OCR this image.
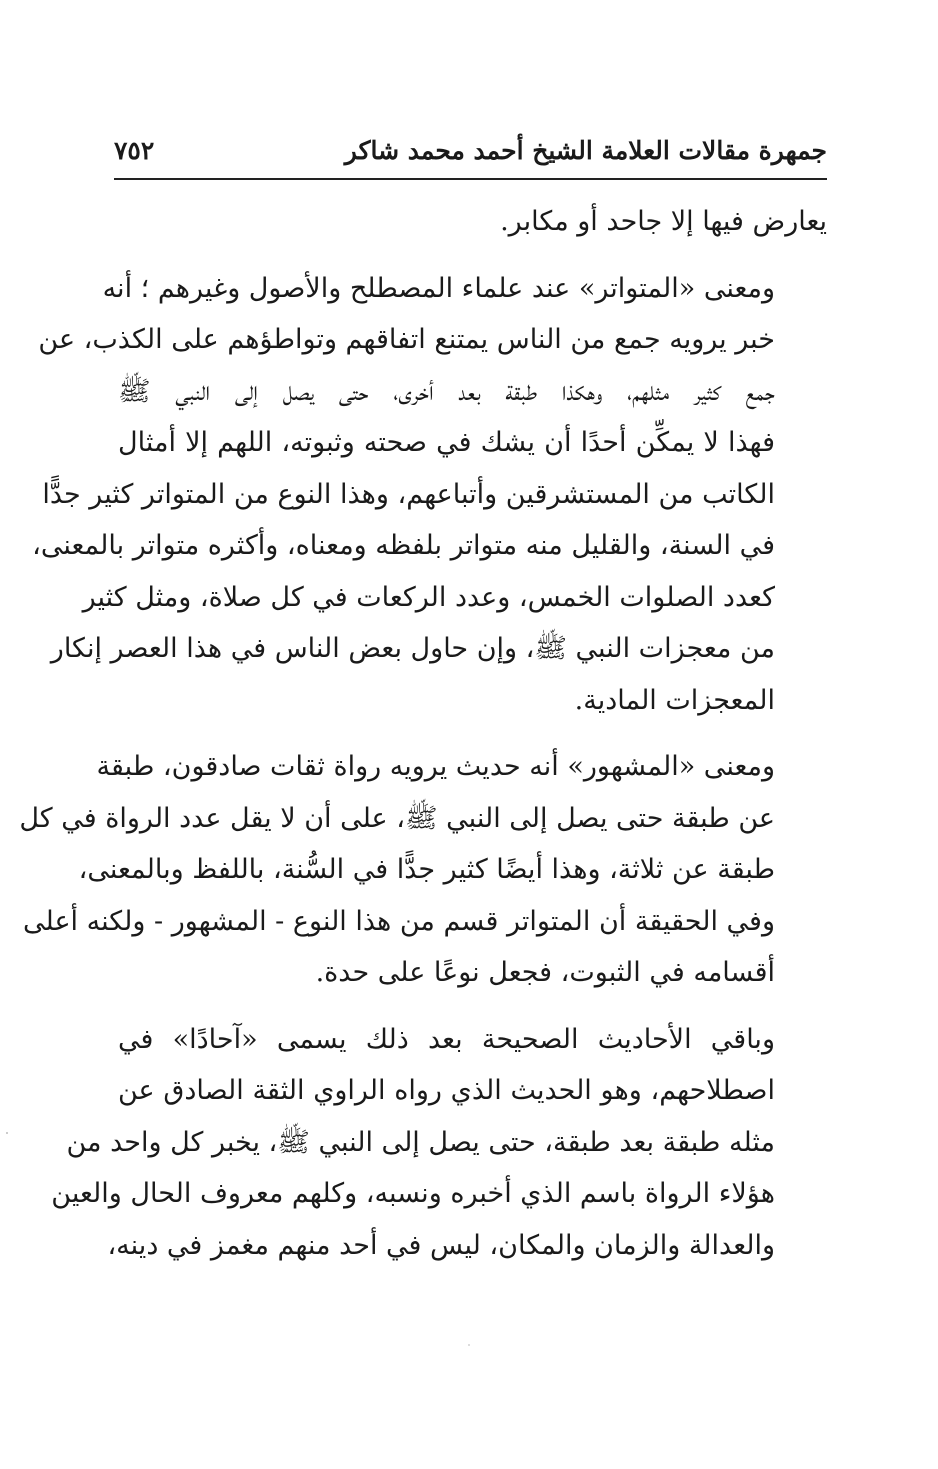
جمهرة مقالات العلامة الشيخ أحمد محمد شاكر
٧٥٢
يعارض فيها إلا جاحد أو مكابر.
ومعنى «المتواتر» عند علماء المصطلح والأصول وغيرهم ؛ أنه
خبر يرويه جمع من الناس يمتنع اتفاقهم وتواطؤهم على الكذب، عن
جمع كثير مثلهم، وهكذا طبقة بعد أخرى، حتى يصل إلى النبي ﷺ
فهذا لا يمكِّن أحدًا أن يشك في صحته وثبوته، اللهم إلا أمثال
الكاتب من المستشرقين وأتباعهم، وهذا النوع من المتواتر كثير جدًّا
في السنة، والقليل منه متواتر بلفظه ومعناه، وأكثره متواتر بالمعنى،
كعدد الصلوات الخمس، وعدد الركعات في كل صلاة، ومثل كثير
من معجزات النبي ﷺ، وإن حاول بعض الناس في هذا العصر إنكار
المعجزات المادية.
ومعنى «المشهور» أنه حديث يرويه رواة ثقات صادقون، طبقة
عن طبقة حتى يصل إلى النبي ﷺ، على أن لا يقل عدد الرواة في كل
طبقة عن ثلاثة، وهذا أيضًا كثير جدًّا في السُّنة، باللفظ وبالمعنى،
وفي الحقيقة أن المتواتر قسم من هذا النوع - المشهور - ولكنه أعلى
أقسامه في الثبوت، فجعل نوعًا على حدة.
وباقي الأحاديث الصحيحة بعد ذلك يسمى «آحادًا» في
اصطلاحهم، وهو الحديث الذي رواه الراوي الثقة الصادق عن
مثله طبقة بعد طبقة، حتى يصل إلى النبي ﷺ، يخبر كل واحد من
هؤلاء الرواة باسم الذي أخبره ونسبه، وكلهم معروف الحال والعين
والعدالة والزمان والمكان، ليس في أحد منهم مغمز في دينه،
